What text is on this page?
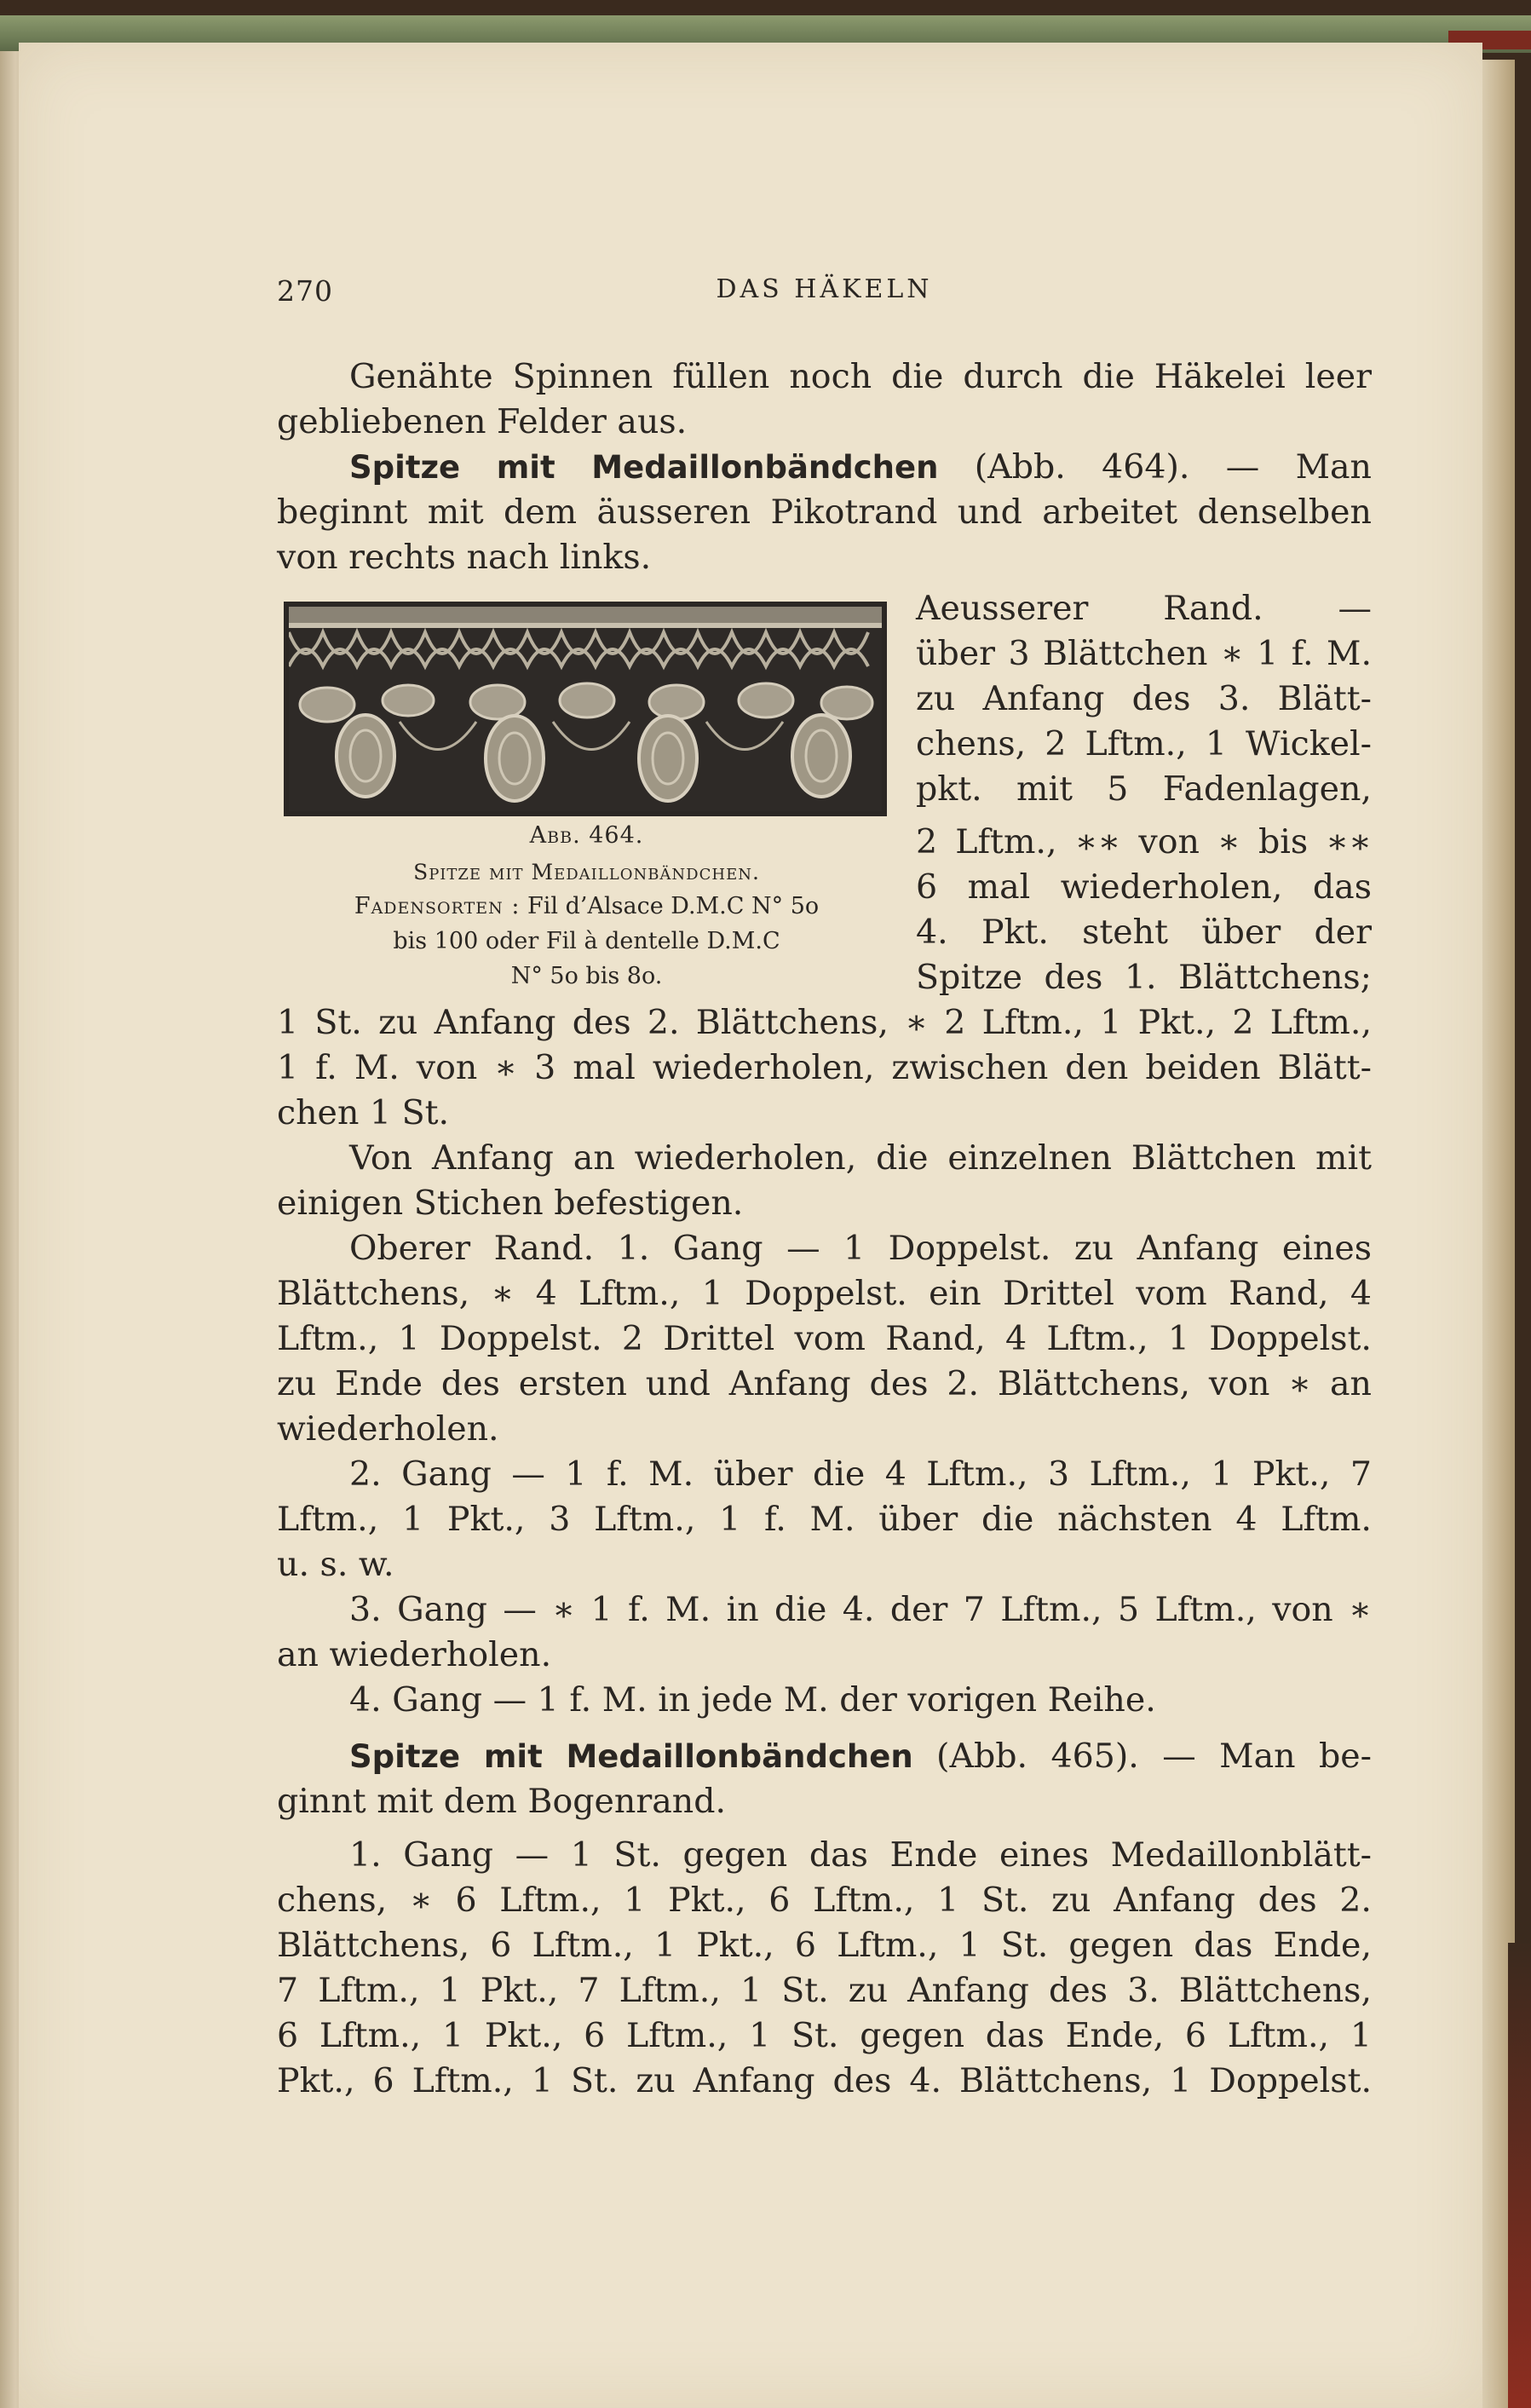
270	DAS HÄKELN
Genähte Spinnen füllen noch die durch die Häkelei leer
gebliebenen Felder aus.
Spitze mit Medaillonbändchen (Abb. 464). — Man
beginnt mit dem äusseren Pikotrand und arbeitet denselben
von rechts nach links.
Abb. 464.
Spitze mit Medaillonbändchen.
Fadensorten : Fil d’Alsace D.M.C N° 5o
bis 100 oder Fil à dentelle D.M.C
N° 5o bis 8o.
Aeusserer Rand. —
über 3 Blättchen ∗ 1 f. M.
zu Anfang des 3. Blätt-
chens, 2 Lftm., 1 Wickel-
pkt. mit 5 Fadenlagen,
2 Lftm., ∗∗ von ∗ bis ∗∗
6 mal wiederholen, das
4. Pkt. steht über der
Spitze des 1. Blättchens;
1 St. zu Anfang des 2. Blättchens, ∗ 2 Lftm., 1 Pkt., 2 Lftm.,
1 f. M. von ∗ 3 mal wiederholen, zwischen den beiden Blätt-
chen 1 St.
Von Anfang an wiederholen, die einzelnen Blättchen mit
einigen Stichen befestigen.
Oberer Rand. 1. Gang — 1 Doppelst. zu Anfang eines
Blättchens, ∗ 4 Lftm., 1 Doppelst. ein Drittel vom Rand, 4
Lftm., 1 Doppelst. 2 Drittel vom Rand, 4 Lftm., 1 Doppelst.
zu Ende des ersten und Anfang des 2. Blättchens, von ∗ an
wiederholen.
2. Gang — 1 f. M. über die 4 Lftm., 3 Lftm., 1 Pkt., 7
Lftm., 1 Pkt., 3 Lftm., 1 f. M. über die nächsten 4 Lftm.
u. s. w.
3. Gang — ∗ 1 f. M. in die 4. der 7 Lftm., 5 Lftm., von ∗
an wiederholen.
4. Gang — 1 f. M. in jede M. der vorigen Reihe.
Spitze mit Medaillonbändchen (Abb. 465). — Man be-
ginnt mit dem Bogenrand.
1. Gang — 1 St. gegen das Ende eines Medaillonblätt-
chens, ∗ 6 Lftm., 1 Pkt., 6 Lftm., 1 St. zu Anfang des 2.
Blättchens, 6 Lftm., 1 Pkt., 6 Lftm., 1 St. gegen das Ende,
7 Lftm., 1 Pkt., 7 Lftm., 1 St. zu Anfang des 3. Blättchens,
6 Lftm., 1 Pkt., 6 Lftm., 1 St. gegen das Ende, 6 Lftm., 1
Pkt., 6 Lftm., 1 St. zu Anfang des 4. Blättchens, 1 Doppelst.
